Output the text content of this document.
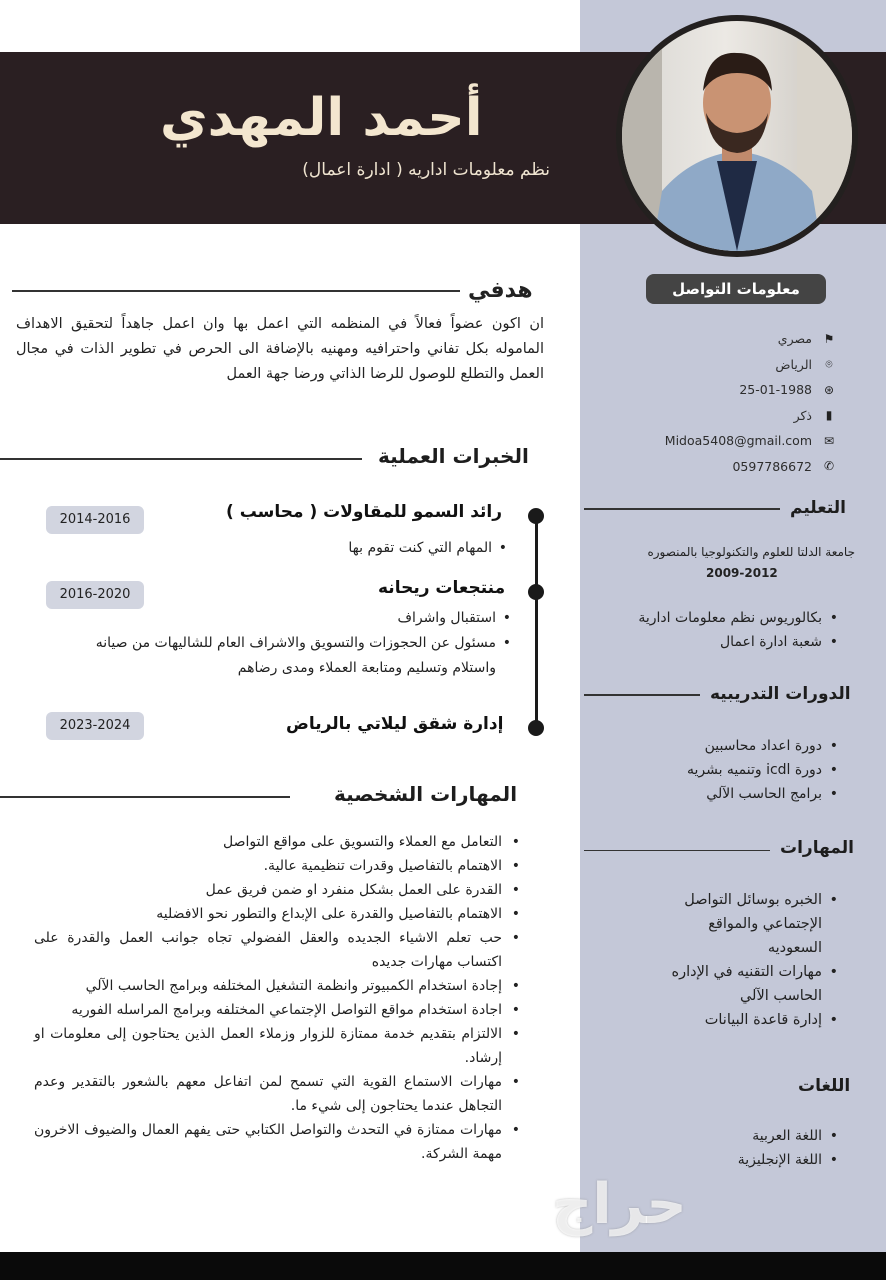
أحمد المهدي
نظم معلومات اداريه ( ادارة اعمال)
معلومات التواصل
⚑
مصري
⌾
الرياض
⊛
25-01-1988
▮
ذكر
✉
Midoa5408@gmail.com
✆
0597786672
التعليم
جامعة الدلتا للعلوم والتكنولوجيا بالمنصوره
2009-2012
• بكالوريوس نظم معلومات ادارية
• شعبة ادارة اعمال
الدورات التدريبيه
• دورة اعداد محاسبين
• دورة icdl وتنميه بشريه
• برامج الحاسب الآلي
المهارات
• الخبره بوسائل التواصل الإجتماعي والمواقع السعوديه
• مهارات التقنيه في الإداره الحاسب الآلي
• إدارة قاعدة البيانات
اللغات
• اللغة العربية
• اللغة الإنجليزية
هدفي
ان اكون عضواً فعالاً في المنظمه التي اعمل بها وان اعمل جاهداً لتحقيق الاهداف الماموله بكل تفاني واحترافيه ومهنيه بالإضافة الى الحرص في تطوير الذات في مجال العمل والتطلع للوصول للرضا الذاتي ورضا جهة العمل
الخبرات العملية
رائد السمو للمقاولات ( محاسب )
2014-2016
• المهام التي كنت تقوم بها
منتجعات ريحانه
2016-2020
• استقبال واشراف
• مسئول عن الحجوزات والتسويق والاشراف العام للشاليهات من صيانه واستلام وتسليم ومتابعة العملاء ومدى رضاهم
إدارة شقق ليلاتي بالرياض
2023-2024
المهارات الشخصية
• التعامل مع العملاء والتسويق على مواقع التواصل
• الاهتمام بالتفاصيل وقدرات تنظيمية عالية.
• القدرة على العمل بشكل منفرد او ضمن فريق عمل
• الاهتمام بالتفاصيل والقدرة على الإبداع والتطور نحو الافضليه
• حب تعلم الاشياء الجديده والعقل الفضولي تجاه جوانب العمل والقدرة على اكتساب مهارات جديده
• إجادة استخدام الكمبيوتر وانظمة التشغيل المختلفه وبرامج الحاسب الآلي
• اجادة استخدام مواقع التواصل الإجتماعي المختلفه وبرامج المراسله الفوريه
• الالتزام بتقديم خدمة ممتازة للزوار وزملاء العمل الذين يحتاجون إلى معلومات او إرشاد.
• مهارات الاستماع القوية التي تسمح لمن اتفاعل معهم بالشعور بالتقدير وعدم التجاهل عندما يحتاجون إلى شيء ما.
• مهارات ممتازة في التحدث والتواصل الكتابي حتى يفهم العمال والضيوف الاخرون مهمة الشركة.
حراج
